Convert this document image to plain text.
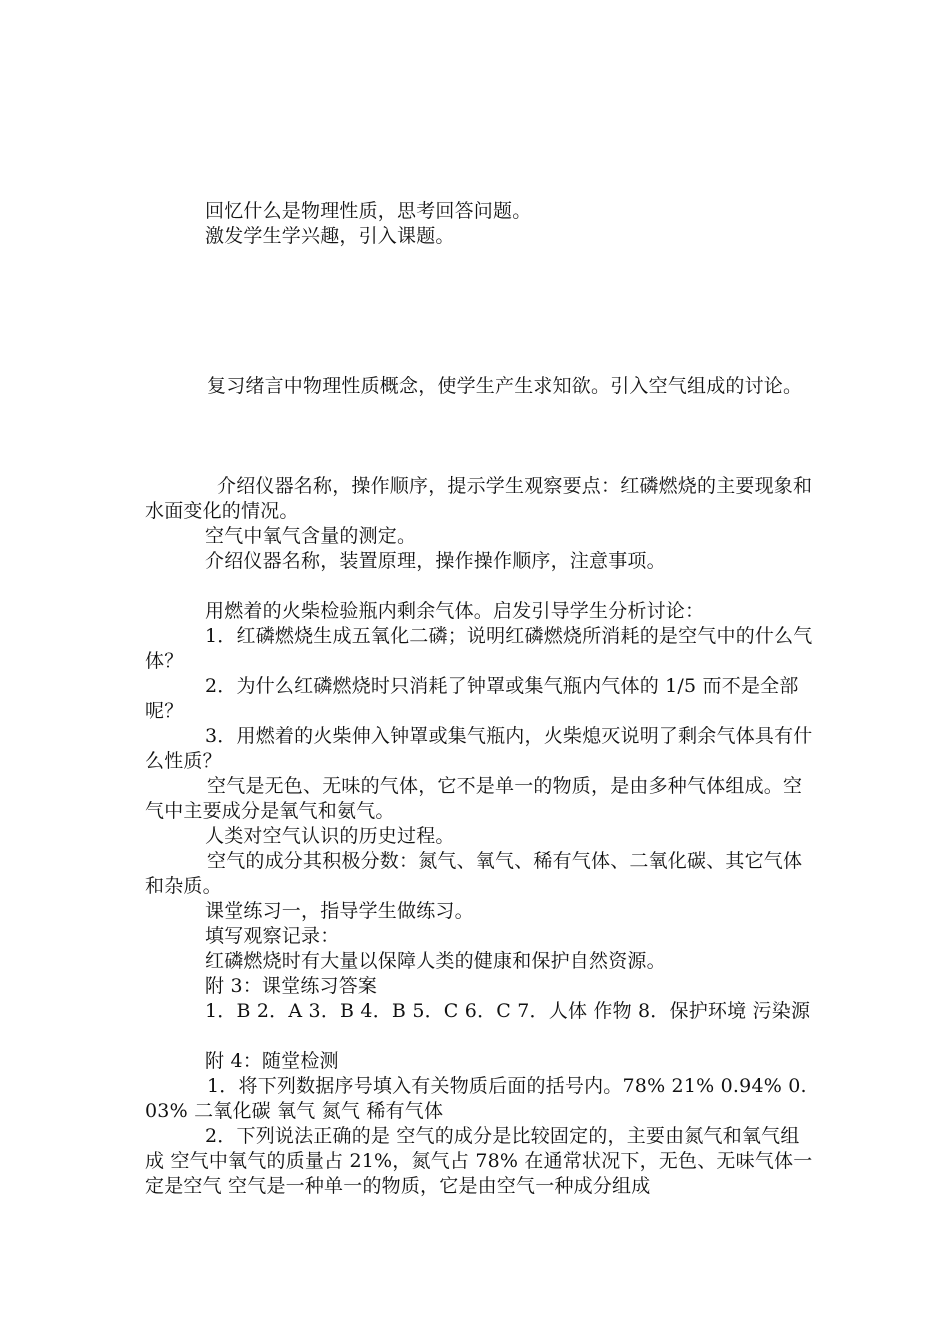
回忆什么是物理性质，思考回答问题。

激发学生学兴趣，引入课题。

复习绪言中物理性质概念，使学生产生求知欲。引入空气组成的讨论。

介绍仪器名称，操作顺序，提示学生观察要点：红磷燃烧的主要现象和水面变化的情况。

空气中氧气含量的测定。

介绍仪器名称，装置原理，操作操作顺序，注意事项。

用燃着的火柴检验瓶内剩余气体。启发引导学生分析讨论：

1．红磷燃烧生成五氧化二磷；说明红磷燃烧所消耗的是空气中的什么气体？

2．为什么红磷燃烧时只消耗了钟罩或集气瓶内气体的 1/5 而不是全部呢？

3．用燃着的火柴伸入钟罩或集气瓶内，火柴熄灭说明了剩余气体具有什么性质？

空气是无色、无味的气体，它不是单一的物质，是由多种气体组成。空气中主要成分是氧气和氨气。

人类对空气认识的历史过程。

空气的成分其积极分数：氮气、氧气、稀有气体、二氧化碳、其它气体和杂质。

课堂练习一，指导学生做练习。

填写观察记录：

红磷燃烧时有大量以保障人类的健康和保护自然资源。

附 3：课堂练习答案

1．B 2．A 3．B 4．B 5．C 6．C 7．人体 作物 8．保护环境 污染源

附 4：随堂检测

1．将下列数据序号填入有关物质后面的括号内。78% 21% 0.94% 0.03% 二氧化碳 氧气 氮气 稀有气体

2．下列说法正确的是 空气的成分是比较固定的，主要由氮气和氧气组成 空气中氧气的质量占 21%，氮气占 78% 在通常状况下，无色、无味气体一定是空气 空气是一种单一的物质，它是由空气一种成分组成
